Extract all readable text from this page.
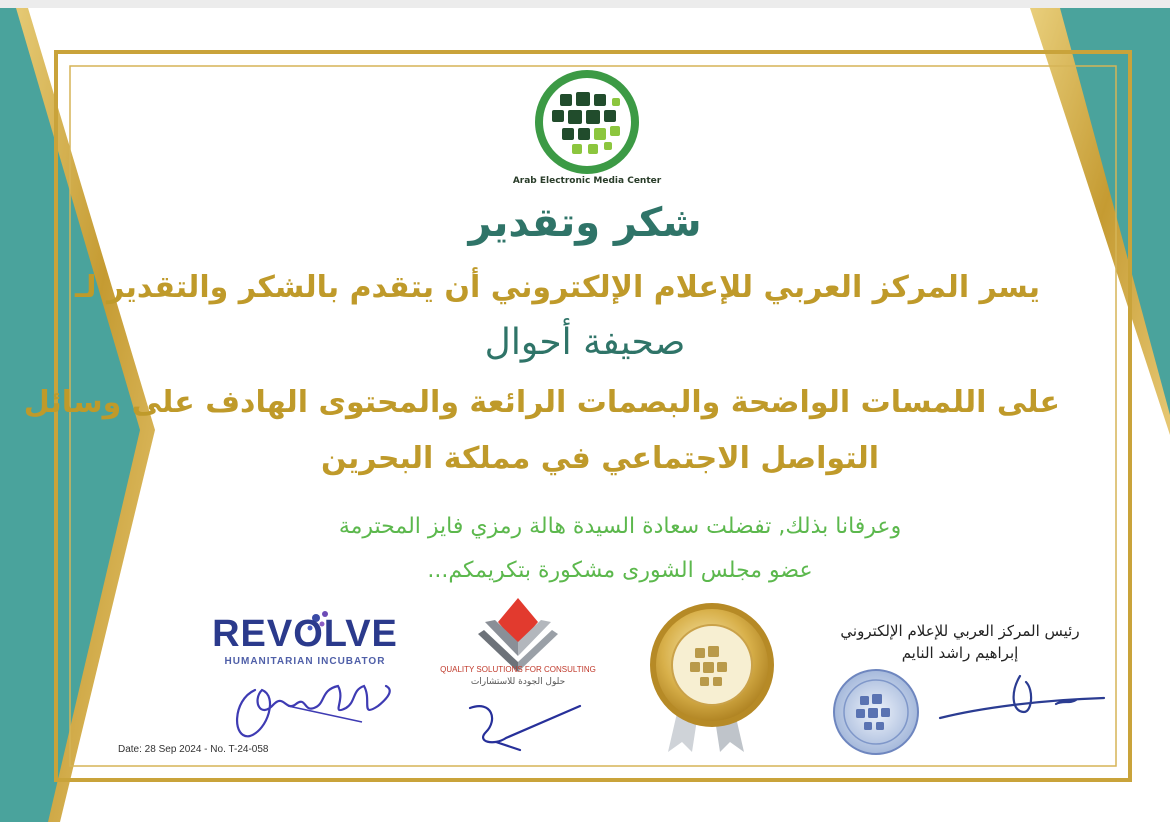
Arab Electronic Media Center
شكر وتقدير
يسر المركز العربي للإعلام الإلكتروني أن يتقدم بالشكر والتقدير لـ
صحيفة أحوال
على اللمسات الواضحة والبصمات الرائعة والمحتوى الهادف على وسائل
التواصل الاجتماعي في مملكة البحرين
وعرفانا بذلك, تفضلت سعادة السيدة هالة رمزي فايز المحترمة
عضو مجلس الشورى مشكورة بتكريمكم...
REVOLVE
HUMANITARIAN INCUBATOR
QUALITY SOLUTIONS FOR CONSULTING
حلول الجودة للاستشارات
رئيس المركز العربي للإعلام الإلكتروني
إبراهيم راشد النايم
Date: 28 Sep 2024 - No. T-24-058
